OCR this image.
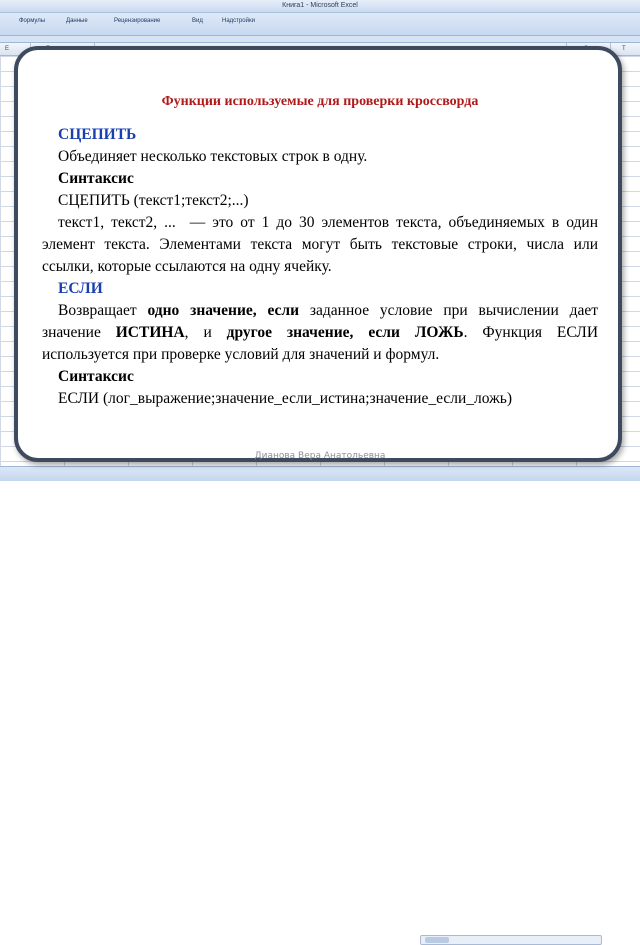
Книга1 - Microsoft Excel
Формулы	Данные	Рецензирование	Вид	Надстройки
E	T
Функции используемые для проверки кроссворда

СЦЕПИТЬ

Объединяет несколько текстовых строк в одну.

Синтаксис

СЦЕПИТЬ (текст1;текст2;...)

текст1, текст2, ... — это от 1 до 30 элементов текста, объединяемых в один элемент текста. Элементами текста могут быть текстовые строки, числа или ссылки, которые ссылаются на одну ячейку.

ЕСЛИ

Возвращает одно значение, если заданное условие при вычислении дает значение ИСТИНА, и другое значение, если ЛОЖЬ. Функция ЕСЛИ используется при проверке условий для значений и формул.

Синтаксис

ЕСЛИ (лог_выражение;значение_если_истина;значение_если_ложь)

Дианова Вера Анатольевна
